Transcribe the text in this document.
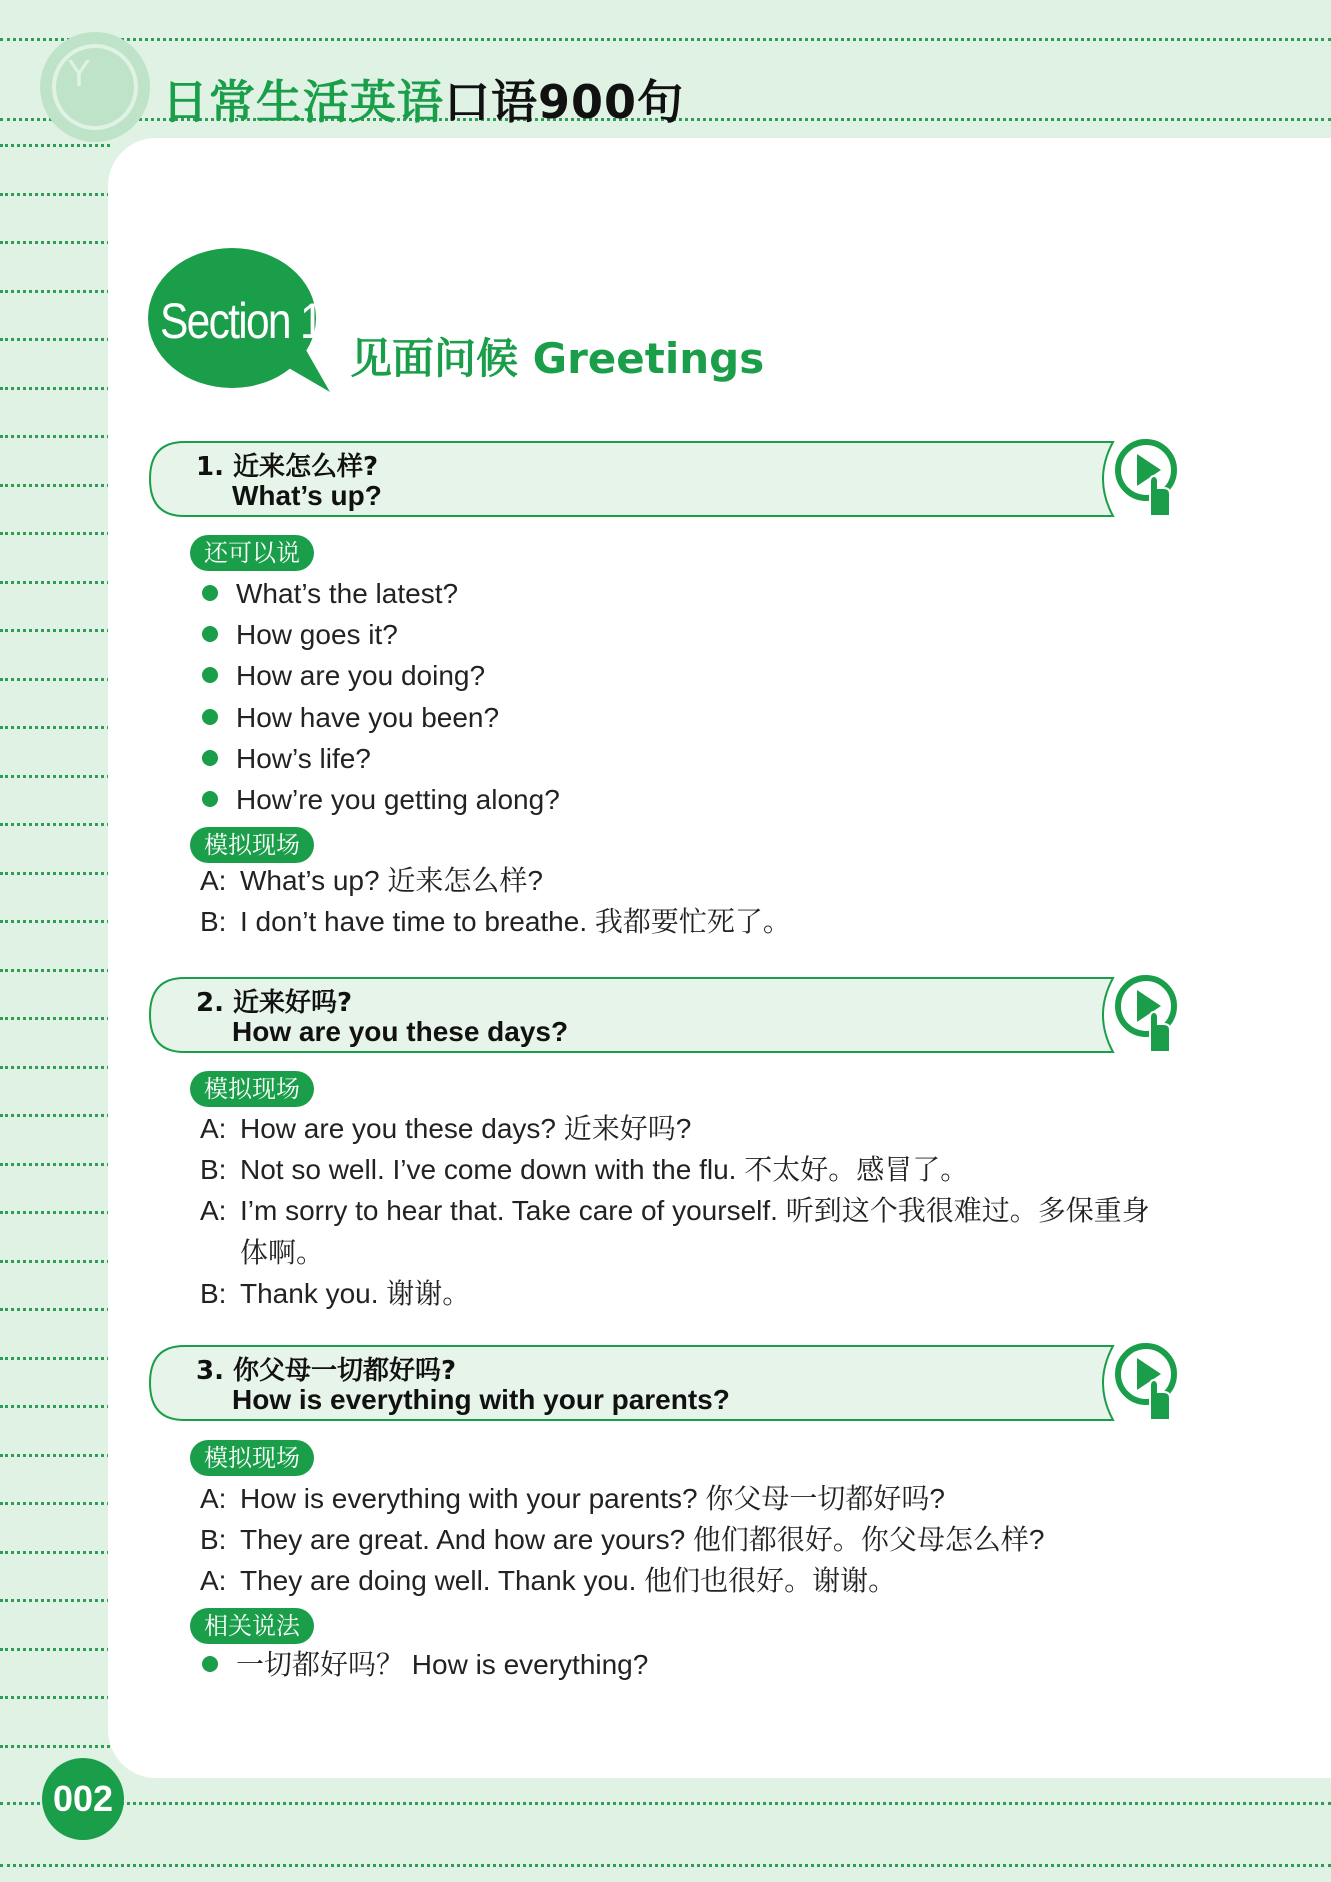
Y
日常生活英语口语900句
Section 1
见面问候 Greetings
1. 近来怎么样?
What’s up?
还可以说
What’s the latest?
How goes it?
How are you doing?
How have you been?
How’s life?
How’re you getting along?
模拟现场
A: What’s up? 近来怎么样?
B: I don’t have time to breathe. 我都要忙死了。
2. 近来好吗?
How are you these days?
模拟现场
A: How are you these days? 近来好吗?
B: Not so well. I’ve come down with the flu. 不太好。感冒了。
A: I’m sorry to hear that. Take care of yourself. 听到这个我很难过。多保重身
体啊。
B: Thank you. 谢谢。
3. 你父母一切都好吗?
How is everything with your parents?
模拟现场
A: How is everything with your parents? 你父母一切都好吗?
B: They are great. And how are yours? 他们都很好。你父母怎么样?
A: They are doing well. Thank you. 他们也很好。谢谢。
相关说法
一切都好吗？ How is everything?
002
